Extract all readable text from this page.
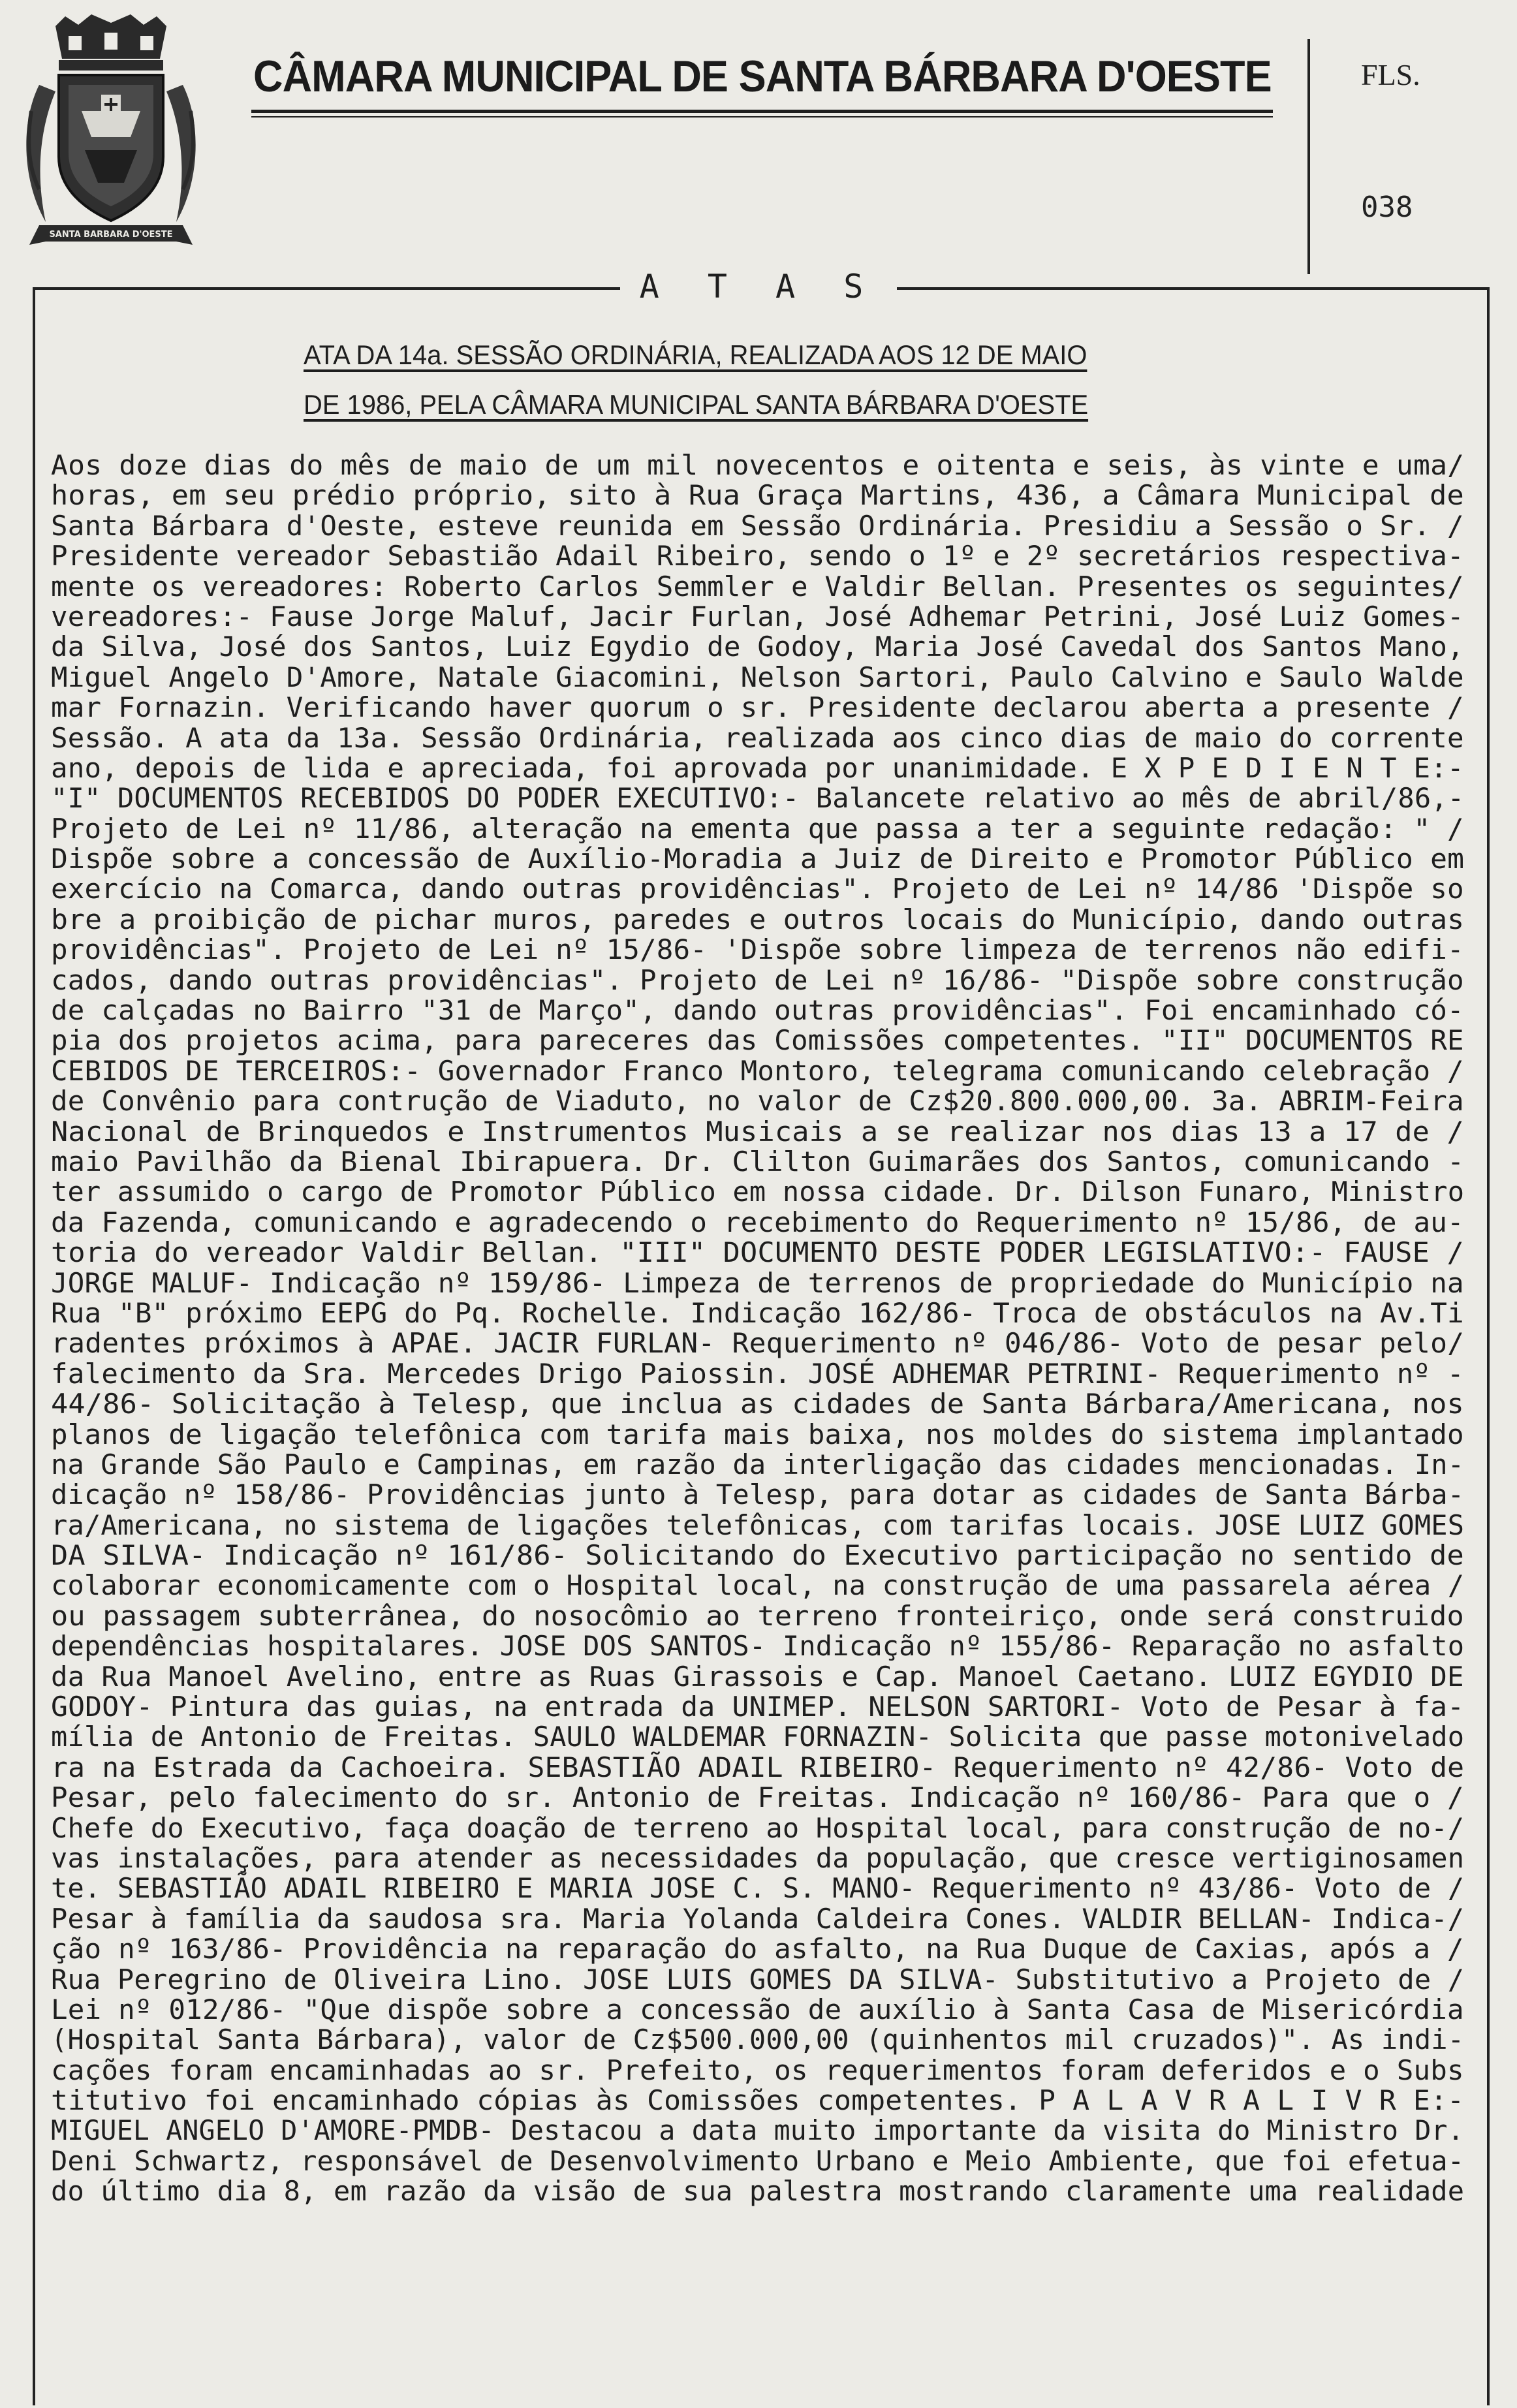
SANTA BARBARA D'OESTE
CÂMARA MUNICIPAL DE SANTA BÁRBARA D'OESTE	FLS.
038
A T A S
ATA DA 14a. SESSÃO ORDINÁRIA, REALIZADA AOS 12 DE MAIO
DE 1986, PELA CÂMARA MUNICIPAL SANTA BÁRBARA D'OESTE
Aos doze dias do mês de maio de um mil novecentos e oitenta e seis, às vinte e uma/
horas, em seu prédio próprio, sito à Rua Graça Martins, 436, a Câmara Municipal de
Santa Bárbara d'Oeste, esteve reunida em Sessão Ordinária. Presidiu a Sessão o Sr. /
Presidente vereador Sebastião Adail Ribeiro, sendo o 1º e 2º secretários respectiva-
mente os vereadores: Roberto Carlos Semmler e Valdir Bellan. Presentes os seguintes/
vereadores:- Fause Jorge Maluf, Jacir Furlan, José Adhemar Petrini, José Luiz Gomes-
da Silva, José dos Santos, Luiz Egydio de Godoy, Maria José Cavedal dos Santos Mano,
Miguel Angelo D'Amore, Natale Giacomini, Nelson Sartori, Paulo Calvino e Saulo Walde
mar Fornazin. Verificando haver quorum o sr. Presidente declarou aberta a presente /
Sessão. A ata da 13a. Sessão Ordinária, realizada aos cinco dias de maio do corrente
ano, depois de lida e apreciada, foi aprovada por unanimidade. E X P E D I E N T E:-
"I" DOCUMENTOS RECEBIDOS DO PODER EXECUTIVO:- Balancete relativo ao mês de abril/86,-
Projeto de Lei nº 11/86, alteração na ementa que passa a ter a seguinte redação: " /
Dispõe sobre a concessão de Auxílio-Moradia a Juiz de Direito e Promotor Público em
exercício na Comarca, dando outras providências". Projeto de Lei nº 14/86 'Dispõe so
bre a proibição de pichar muros, paredes e outros locais do Município, dando outras
providências". Projeto de Lei nº 15/86- 'Dispõe sobre limpeza de terrenos não edifi-
cados, dando outras providências". Projeto de Lei nº 16/86- "Dispõe sobre construção
de calçadas no Bairro "31 de Março", dando outras providências". Foi encaminhado có-
pia dos projetos acima, para pareceres das Comissões competentes. "II" DOCUMENTOS RE
CEBIDOS DE TERCEIROS:- Governador Franco Montoro, telegrama comunicando celebração /
de Convênio para contrução de Viaduto, no valor de Cz$20.800.000,00. 3a. ABRIM-Feira
Nacional de Brinquedos e Instrumentos Musicais a se realizar nos dias 13 a 17 de /
maio Pavilhão da Bienal Ibirapuera. Dr. Clilton Guimarães dos Santos, comunicando -
ter assumido o cargo de Promotor Público em nossa cidade. Dr. Dilson Funaro, Ministro
da Fazenda, comunicando e agradecendo o recebimento do Requerimento nº 15/86, de au-
toria do vereador Valdir Bellan. "III" DOCUMENTO DESTE PODER LEGISLATIVO:- FAUSE /
JORGE MALUF- Indicação nº 159/86- Limpeza de terrenos de propriedade do Município na
Rua "B" próximo EEPG do Pq. Rochelle. Indicação 162/86- Troca de obstáculos na Av.Ti
radentes próximos à APAE. JACIR FURLAN- Requerimento nº 046/86- Voto de pesar pelo/
falecimento da Sra. Mercedes Drigo Paiossin. JOSÉ ADHEMAR PETRINI- Requerimento nº -
44/86- Solicitação à Telesp, que inclua as cidades de Santa Bárbara/Americana, nos
planos de ligação telefônica com tarifa mais baixa, nos moldes do sistema implantado
na Grande São Paulo e Campinas, em razão da interligação das cidades mencionadas. In-
dicação nº 158/86- Providências junto à Telesp, para dotar as cidades de Santa Bárba-
ra/Americana, no sistema de ligações telefônicas, com tarifas locais. JOSE LUIZ GOMES
DA SILVA- Indicação nº 161/86- Solicitando do Executivo participação no sentido de
colaborar economicamente com o Hospital local, na construção de uma passarela aérea /
ou passagem subterrânea, do nosocômio ao terreno fronteiriço, onde será construido
dependências hospitalares. JOSE DOS SANTOS- Indicação nº 155/86- Reparação no asfalto
da Rua Manoel Avelino, entre as Ruas Girassois e Cap. Manoel Caetano. LUIZ EGYDIO DE
GODOY- Pintura das guias, na entrada da UNIMEP. NELSON SARTORI- Voto de Pesar à fa-
mília de Antonio de Freitas. SAULO WALDEMAR FORNAZIN- Solicita que passe motonivelado
ra na Estrada da Cachoeira. SEBASTIÃO ADAIL RIBEIRO- Requerimento nº 42/86- Voto de
Pesar, pelo falecimento do sr. Antonio de Freitas. Indicação nº 160/86- Para que o /
Chefe do Executivo, faça doação de terreno ao Hospital local, para construção de no-/
vas instalações, para atender as necessidades da população, que cresce vertiginosamen
te. SEBASTIÃO ADAIL RIBEIRO E MARIA JOSE C. S. MANO- Requerimento nº 43/86- Voto de /
Pesar à família da saudosa sra. Maria Yolanda Caldeira Cones. VALDIR BELLAN- Indica-/
ção nº 163/86- Providência na reparação do asfalto, na Rua Duque de Caxias, após a /
Rua Peregrino de Oliveira Lino. JOSE LUIS GOMES DA SILVA- Substitutivo a Projeto de /
Lei nº 012/86- "Que dispõe sobre a concessão de auxílio à Santa Casa de Misericórdia
(Hospital Santa Bárbara), valor de Cz$500.000,00 (quinhentos mil cruzados)". As indi-
cações foram encaminhadas ao sr. Prefeito, os requerimentos foram deferidos e o Subs
titutivo foi encaminhado cópias às Comissões competentes. P A L A V R A L I V R E:-
MIGUEL ANGELO D'AMORE-PMDB- Destacou a data muito importante da visita do Ministro Dr.
Deni Schwartz, responsável de Desenvolvimento Urbano e Meio Ambiente, que foi efetua-
do último dia 8, em razão da visão de sua palestra mostrando claramente uma realidade
